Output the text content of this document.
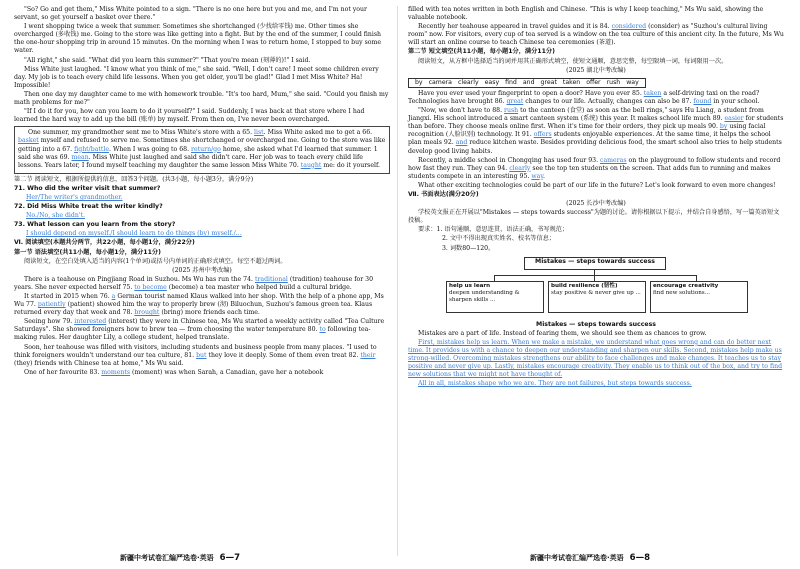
"So? Go and get them," Miss White pointed to a sign. "There is no one here but you and me, and I'm not your servant, so get yourself a basket over there."

I went shopping twice a week that summer. Sometimes she shortchanged (少找给零钱) me. Other times she overcharged (多收钱) me. Going to the store was like getting into a fight. But by the end of the summer, I could finish the one-hour shopping trip in around 15 minutes. On the morning when I was to return home, I stopped to buy some water.

"All right," she said. "What did you learn this summer?" "That you're mean (刻薄的)!" I said.

Miss White just laughed. "I know what you think of me," she said. "Well, I don't care! I meet some children every day. My job is to teach every child life lessons. When you get older, you'll be glad!" Glad I met Miss White? Ha! Impossible!

Then one day my daughter came to me with homework trouble. "It's too hard, Mum," she said. "Could you finish my math problems for me?"

"If I do it for you, how can you learn to do it yourself?" I said. Suddenly, I was back at that store where I had learned the hard way to add up the bill (账单) by myself. From then on, I've never been overcharged.

One summer, my grandmother sent me to Miss White's store with a 65. list. Miss White asked me to get a 66. basket myself and refused to serve me. Sometimes she shortchanged or overcharged me. Going to the store was like getting into a 67. fight/battle. When I was going to 68. return/go home, she asked what I'd learned that summer. 1 said she was 69. mean. Miss White just laughed and said she didn't care. Her job was to teach every child life lessons. Years later, I found myself teaching my daughter the same lesson Miss White 70. taught me: do it yourself.

第二节 阅读短文，根据所提供的信息，回答3个问题。(共3小题，每小题3分，满分9分)

71. Who did the writer visit that summer?

Her/The writer's grandmother.

72. Did Miss White treat the writer kindly?

No./No, she didn't.

73. What lesson can you learn from the story?

I should depend on myself./I should learn to do things (by) myself./…

Ⅵ. 阅读填空(本题共分两节，共22小题，每小题1分，满分22分)

第一节 语法填空(共11小题，每小题1分，满分11分)

阅读短文，在空白处填入适当的内容(1个单词)或括号内单词的正确形式填空。每空不超过两词。

(2025 苏州中考改编)

There is a teahouse on Pingjiang Road in Suzhou. Ms Wu has run the 74. traditional (tradition) teahouse for 30 years. She never expected herself 75. to become (become) a tea master who helped build a cultural bridge.

It started in 2015 when 76. a German tourist named Klaus walked into her shop. With the help of a phone app, Ms Wu 77. patiently (patient) showed him the way to properly brew (沏) Biluochun, Suzhou's famous green tea. Klaus returned every day that week and 78. brought (bring) more friends each time.

Seeing how 79. interested (interest) they were in Chinese tea, Ms Wu started a weekly activity called "Tea Culture Saturdays". She showed foreigners how to brew tea — from choosing the water temperature 80. to following tea-making rules. Her daughter Lily, a college student, helped translate.

Soon, her teahouse was filled with visitors, including students and business people from many places. "I used to think foreigners wouldn't understand our tea culture, 81. but they love it deeply. Some of them even treat 82. their (they) friends with Chinese tea at home," Ms Wu said.

One of her favourite 83. moments (moment) was when Sarah, a Canadian, gave her a notebook

新疆中考试卷汇编严选卷·英语 6—7

filled with tea notes written in both English and Chinese. "This is why I keep teaching," Ms Wu said, showing the valuable notebook.

Recently her teahouse appeared in travel guides and it is 84. considered (consider) as "Suzhou's cultural living room" now. For visitors, every cup of tea served is a window on the tea culture of this ancient city. In the future, Ms Wu will start an online course to teach Chinese tea ceremonies (茶道).

第二节 短文填空(共11小题，每小题1分，满分11分)

阅读短文，从方框中选择适当的词并用其正确形式填空，使短文通顺，意思完整，每空限填一词，每词限用一次。

(2025 湖北中考改编)

by camera clearly easy find and great taken offer rush way

Have you ever used your fingerprint to open a door? Have you ever 85. taken a self-driving taxi on the road? Technologies have brought 86. great changes to our life. Actually, changes can also be 87. found in your school.

"Now, we don't have to 88. rush to the canteen (食堂) as soon as the bell rings," says Hu Liang, a student from Jiangxi. His school introduced a smart canteen system (系统) this year. It makes school life much 89. easier for students than before. They choose meals online first. When it's time for their orders, they pick up meals 90. by using facial recognition (人脸识别) technology. It 91. offers students enjoyable experiences. At the same time, it helps the school plan meals 92. and reduce kitchen waste. Besides providing delicious food, the smart school also tries to help students develop good living habits.

Recently, a middle school in Chongqing has used four 93. cameras on the playground to follow students and record how fast they run. They can 94. clearly see the top ten students on the screen. That adds fun to running and makes students compete in an interesting 95. way.

What other exciting technologies could be part of our life in the future? Let's look forward to even more changes!

Ⅶ. 书面表达(满分20分)

(2025 长沙中考改编)

学校英文报正在开展以"Mistakes — steps towards success"为题的讨论。请你根据以下提示，并结合自身感悟，写一篇英语短文投稿。

要求：1. 语句通顺，意思连贯，语法正确，书写规范；

2. 文中不得出现真实姓名、校名等信息；

3. 词数80—120。

Mistakes — steps towards success
help us learn
deepen understanding & sharpen skills ...
build resilience (韧性)
stay positive & never give up ...
encourage creativity
find new solutions...

Mistakes — steps towards success

Mistakes are a part of life. Instead of fearing them, we should see them as chances to grow.

First, mistakes help us learn. When we make a mistake, we understand what goes wrong and can do better next time. It provides us with a chance to deepen our understanding and sharpen our skills. Second, mistakes help make us strong-willed. Overcoming mistakes strengthens our ability to face challenges and make changes. It teaches us to stay positive and never give up. Lastly, mistakes encourage creativity. They enable us to think out of the box, and try to find new solutions that we might not have thought of.

All in all, mistakes shape who we are. They are not failures, but steps towards success.

新疆中考试卷汇编严选卷·英语 6—8
